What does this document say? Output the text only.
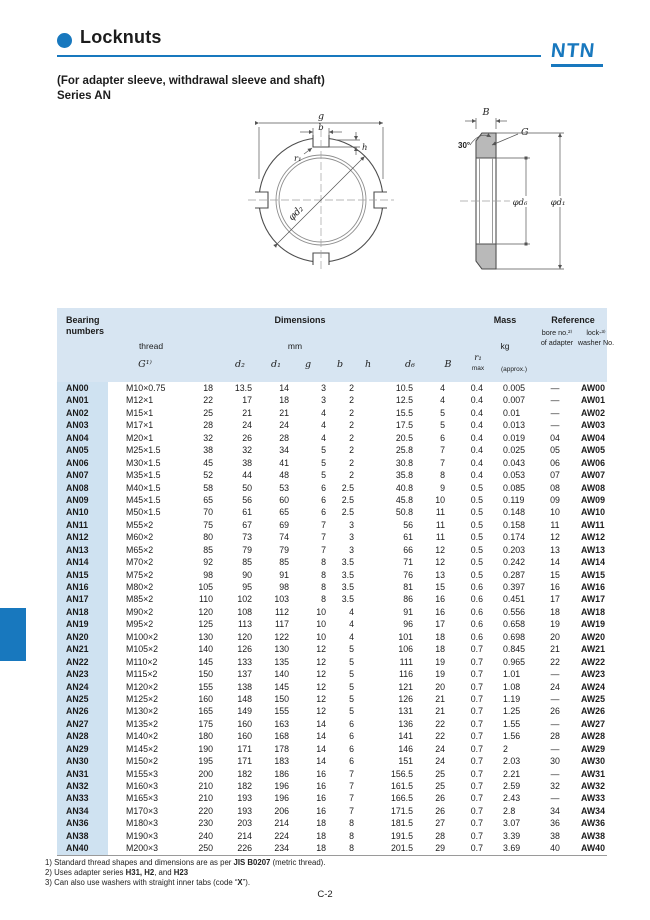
Locknuts
NTN
(For adapter sleeve, withdrawal sleeve and shaft)
Series AN
g
b
h
r₁
φd₂
B
30°
G
φd₆	φd₁
Bearing
numbers
Dimensions
thread	mm
Mass
kg
(approx.)
Reference
bore no.²⁾
of adapter
lock-³⁾
washer No.
G¹⁾	d₂	d₁	g	b h	d₆	B
r₁
max
AN00	M10×0.75	18	13.5	14	3	2	10.5	4	0.4	0.005	—	AW00
AN01	M12×1	22	17	18	3	2	12.5	4	0.4	0.007	—	AW01
AN02	M15×1	25	21	21	4	2	15.5	5	0.4	0.01	—	AW02
AN03	M17×1	28	24	24	4	2	17.5	5	0.4	0.013	—	AW03
AN04	M20×1	32	26	28	4	2	20.5	6	0.4	0.019	04	AW04
AN05	M25×1.5	38	32	34	5	2	25.8	7	0.4	0.025	05	AW05
AN06	M30×1.5	45	38	41	5	2	30.8	7	0.4	0.043	06	AW06
AN07	M35×1.5	52	44	48	5	2	35.8	8	0.4	0.053	07	AW07
AN08	M40×1.5	58	50	53	6	2.5	40.8	9	0.5	0.085	08	AW08
AN09	M45×1.5	65	56	60	6	2.5	45.8	10	0.5	0.119	09	AW09
AN10	M50×1.5	70	61	65	6	2.5	50.8	11	0.5	0.148	10	AW10
AN11	M55×2	75	67	69	7	3	56	11	0.5	0.158	11	AW11
AN12	M60×2	80	73	74	7	3	61	11	0.5	0.174	12	AW12
AN13	M65×2	85	79	79	7	3	66	12	0.5	0.203	13	AW13
AN14	M70×2	92	85	85	8	3.5	71	12	0.5	0.242	14	AW14
AN15	M75×2	98	90	91	8	3.5	76	13	0.5	0.287	15	AW15
AN16	M80×2	105	95	98	8	3.5	81	15	0.6	0.397	16	AW16
AN17	M85×2	110	102	103	8	3.5	86	16	0.6	0.451	17	AW17
AN18	M90×2	120	108	112	10	4	91	16	0.6	0.556	18	AW18
AN19	M95×2	125	113	117	10	4	96	17	0.6	0.658	19	AW19
AN20	M100×2	130	120	122	10	4	101	18	0.6	0.698	20	AW20
AN21	M105×2	140	126	130	12	5	106	18	0.7	0.845	21	AW21
AN22	M110×2	145	133	135	12	5	111	19	0.7	0.965	22	AW22
AN23	M115×2	150	137	140	12	5	116	19	0.7	1.01	—	AW23
AN24	M120×2	155	138	145	12	5	121	20	0.7	1.08	24	AW24
AN25	M125×2	160	148	150	12	5	126	21	0.7	1.19	—	AW25
AN26	M130×2	165	149	155	12	5	131	21	0.7	1.25	26	AW26
AN27	M135×2	175	160	163	14	6	136	22	0.7	1.55	—	AW27
AN28	M140×2	180	160	168	14	6	141	22	0.7	1.56	28	AW28
AN29	M145×2	190	171	178	14	6	146	24	0.7	2	—	AW29
AN30	M150×2	195	171	183	14	6	151	24	0.7	2.03	30	AW30
AN31	M155×3	200	182	186	16	7	156.5	25	0.7	2.21	—	AW31
AN32	M160×3	210	182	196	16	7	161.5	25	0.7	2.59	32	AW32
AN33	M165×3	210	193	196	16	7	166.5	26	0.7	2.43	—	AW33
AN34	M170×3	220	193	206	16	7	171.5	26	0.7	2.8	34	AW34
AN36	M180×3	230	203	214	18	8	181.5	27	0.7	3.07	36	AW36
AN38	M190×3	240	214	224	18	8	191.5	28	0.7	3.39	38	AW38
AN40	M200×3	250	226	234	18	8	201.5	29	0.7	3.69	40	AW40
1) Standard thread shapes and dimensions are as per JIS B0207 (metric thread).
2) Uses adapter series H31, H2, and H23
3) Can also use washers with straight inner tabs (code “X”).
C-2
